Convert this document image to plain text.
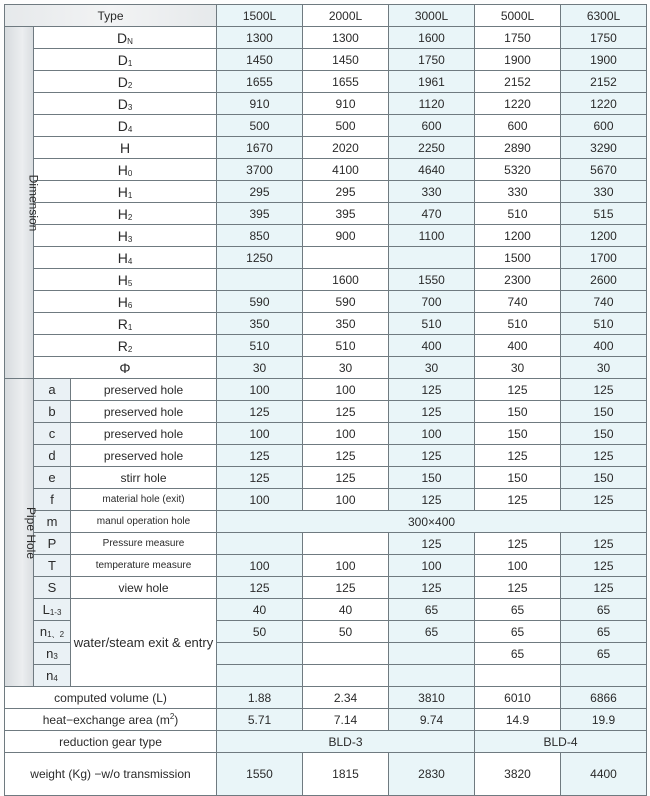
Type			1500L	2000L	3000L	5000L	6300L
Dimension	DN		1300	1300	1600	1750	1750
	D1		1450	1450	1750	1900	1900
	D2		1655	1655	1961	2152	2152
	D3		910	910	1120	1220	1220
	D4		500	500	600	600	600
	H		1670	2020	2250	2890	3290
	H0		3700	4100	4640	5320	5670
	H1		295	295	330	330	330
	H2		395	395	470	510	515
	H3		850	900	1100	1200	1200
	H4		1250			1500	1700
	H5			1600	1550	2300	2600
	H6		590	590	700	740	740
	R1		350	350	510	510	510
	R2		510	510	400	400	400
	Φ		30	30	30	30	30
Pipe Hole	a	preserved hole	100	100	125	125	125
	b	preserved hole	125	125	125	150	150
	c	preserved hole	100	100	100	150	150
	d	preserved hole	125	125	125	125	125
	e	stirr hole	125	125	150	150	150
	f	material hole (exit)	100	100	125	125	125
	m	manul operation hole	300×400				
	P	Pressure measure			125	125	125
	T	temperature measure	100	100	100	100	125
	S	view hole	125	125	125	125	125
	L1-3	water/steam exit & entry	40	40	65	65	65
	n1、2		50	50	65	65	65
	n3					65	65
	n4						
computed volume (L)			1.88	2.34	3810	6010	6866
heat−exchange area $(m^2)$			5.71	7.14	9.74	14.9	19.9
reduction gear type			BLD-3			BLD-4	
weight (Kg) −w/o transmission			1550	1815	2830	3820	4400
